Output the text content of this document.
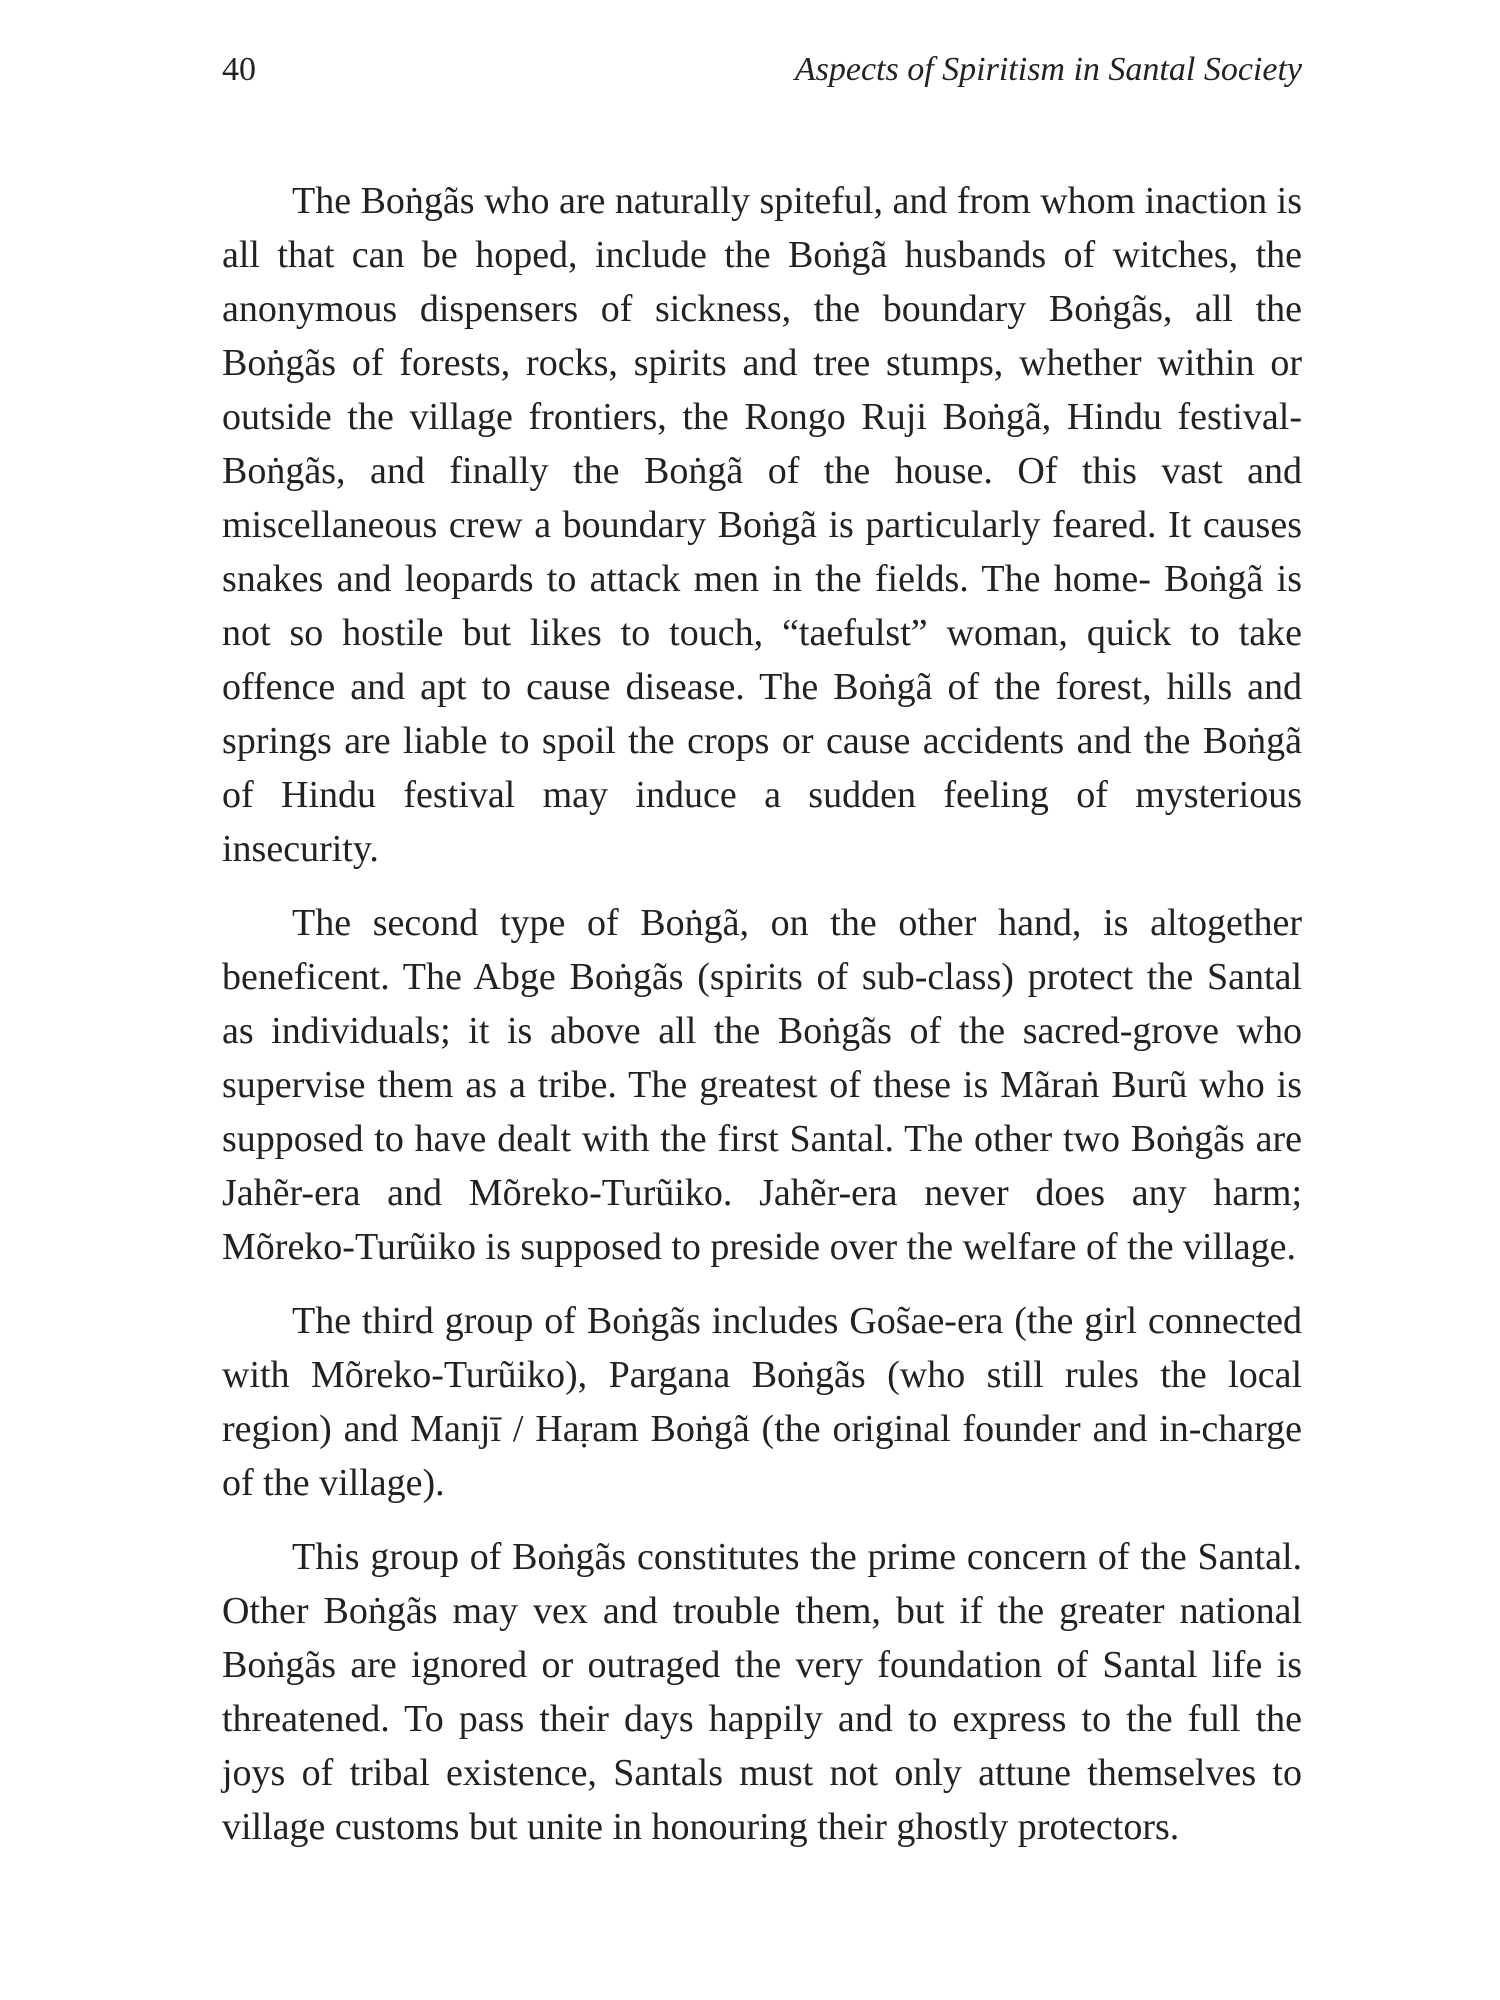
40	Aspects of Spiritism in Santal Society

The Boṅgãs who are naturally spiteful, and from whom inaction is all that can be hoped, include the Boṅgã husbands of witches, the anonymous dispensers of sickness, the boundary Boṅgãs, all the Boṅgãs of forests, rocks, spirits and tree stumps, whether within or outside the village frontiers, the Rongo Ruji Boṅgã, Hindu festival- Boṅgãs, and finally the Boṅgã of the house. Of this vast and miscellaneous crew a boundary Boṅgã is particularly feared. It causes snakes and leopards to attack men in the fields. The home- Boṅgã is not so hostile but likes to touch, “taefulst” woman, quick to take offence and apt to cause disease. The Boṅgã of the forest, hills and springs are liable to spoil the crops or cause accidents and the Boṅgã of Hindu festival may induce a sudden feeling of mysterious insecurity.

The second type of Boṅgã, on the other hand, is altogether beneficent. The Abge Boṅgãs (spirits of sub-class) protect the Santal as individuals; it is above all the Boṅgãs of the sacred-grove who supervise them as a tribe. The greatest of these is Mãraṅ Burũ who is supposed to have dealt with the first Santal. The other two Boṅgãs are Jahẽr-era and Mõreko-Turũiko. Jahẽr-era never does any harm; Mõreko-Turũiko is supposed to preside over the welfare of the village.

The third group of Boṅgãs includes Gos̃ae-era (the girl connected with Mõreko-Turũiko), Pargana Boṅgãs (who still rules the local region) and Manjī / Haṛam Boṅgã (the original founder and in-charge of the village).

This group of Boṅgãs constitutes the prime concern of the Santal. Other Boṅgãs may vex and trouble them, but if the greater national Boṅgãs are ignored or outraged the very foundation of Santal life is threatened. To pass their days happily and to express to the full the joys of tribal existence, Santals must not only attune themselves to village customs but unite in honouring their ghostly protectors.
